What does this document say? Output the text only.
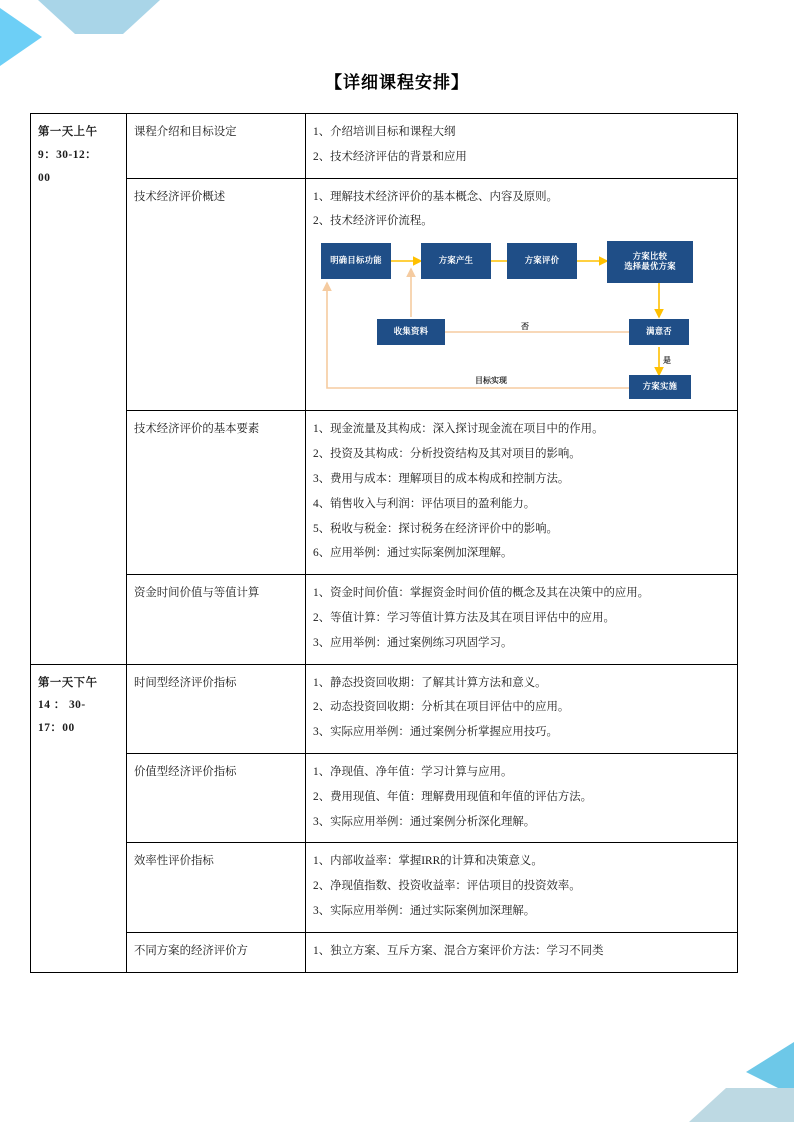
【详细课程安排】
第一天上午
9：30-12：
00
	课程介绍和目标设定	1、介绍培训目标和课程大纲
2、技术经济评估的背景和应用

技术经济评价概述	1、理解技术经济评价的基本概念、内容及原则。
2、技术经济评价流程。
明确目标功能	方案产生	方案评价	方案比较
选择最优方案
收集资料	满意否
方案实施
否
是
目标实现

技术经济评价的基本要素	1、现金流量及其构成：深入探讨现金流在项目中的作用。
2、投资及其构成：分析投资结构及其对项目的影响。
3、费用与成本：理解项目的成本构成和控制方法。
4、销售收入与利润：评估项目的盈利能力。
5、税收与税金：探讨税务在经济评价中的影响。
6、应用举例：通过实际案例加深理解。

	资金时间价值与等值计算	1、资金时间价值：掌握资金时间价值的概念及其在决策中的应用。
2、等值计算：学习等值计算方法及其在项目评估中的应用。
3、应用举例：通过案例练习巩固学习。

第一天下午
14 ： 30-
17：00
	时间型经济评价指标	1、静态投资回收期：了解其计算方法和意义。
2、动态投资回收期：分析其在项目评估中的应用。
3、实际应用举例：通过案例分析掌握应用技巧。

	价值型经济评价指标	1、净现值、净年值：学习计算与应用。
2、费用现值、年值：理解费用现值和年值的评估方法。
3、实际应用举例：通过案例分析深化理解。

	效率性评价指标	1、内部收益率：掌握IRR的计算和决策意义。
2、净现值指数、投资收益率：评估项目的投资效率。
3、实际应用举例：通过实际案例加深理解。

	不同方案的经济评价方	1、独立方案、互斥方案、混合方案评价方法：学习不同类
